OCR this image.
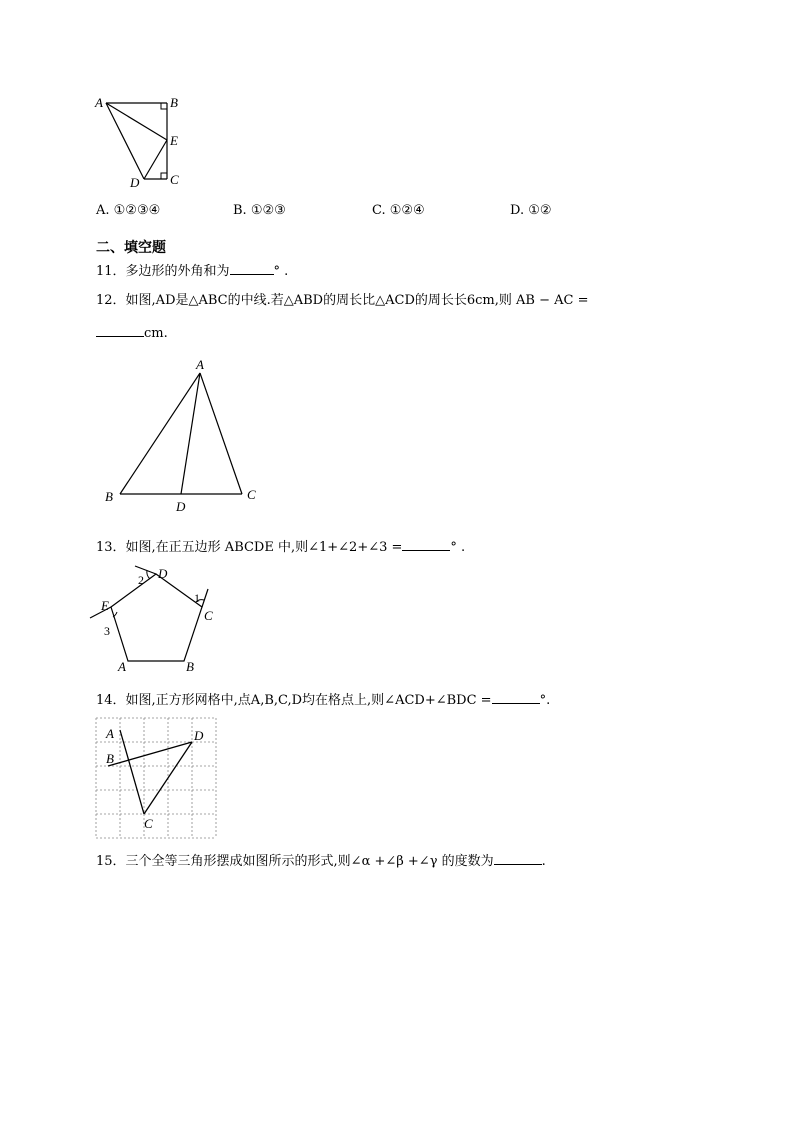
A	B
E
D C
A. ①②③④	B. ①②③	C. ①②④	D. ①②
二、填空题
11．多边形的外角和为	° .
12．如图,AD是△ABC的中线.若△ABD的周长比△ACD的周长长6cm,则 AB − AC =
cm.
A
B
D
C
13．如图,在正五边形 ABCDE 中,则∠1+∠2+∠3 =	° .
D
C
E
A	B
1
2
3
14．如图,正方形网格中,点A,B,C,D均在格点上,则∠ACD+∠BDC =	°.
A
B
D
C
15．三个全等三角形摆成如图所示的形式,则∠α +∠β +∠γ 的度数为	.
